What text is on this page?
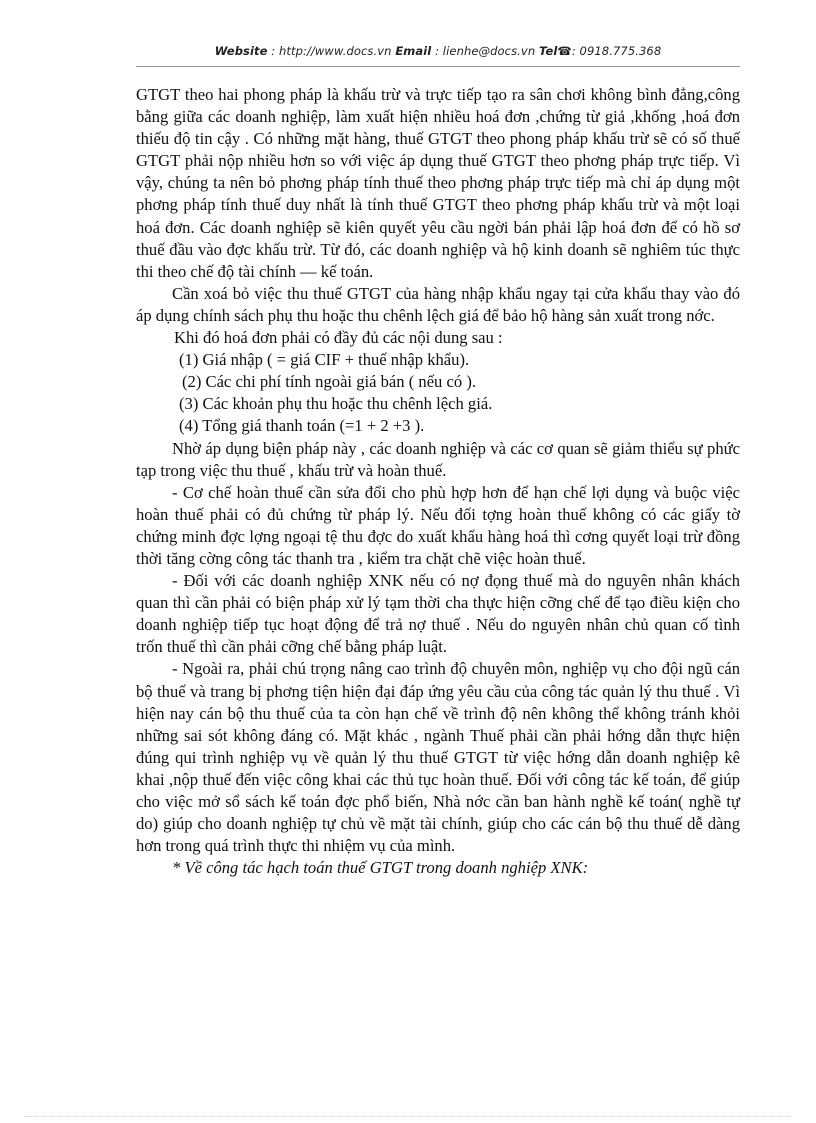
Website : http://www.docs.vn Email : lienhe@docs.vn Tel☎: 0918.775.368

GTGT theo hai phong pháp là khấu trừ và trực tiếp tạo ra sân chơi không bình đẳng,công bằng giữa các doanh nghiệp, làm xuất hiện nhiều hoá đơn ,chứng từ giả ,khống ,hoá đơn thiếu độ tin cậy . Có những mặt hàng, thuế GTGT theo phong pháp khấu trừ sẽ có số thuế GTGT phải nộp nhiều hơn so với việc áp dụng thuế GTGT theo phơng pháp trực tiếp. Vì vậy, chúng ta nên bỏ phơng pháp tính thuế theo phơng pháp trực tiếp mà chỉ áp dụng một phơng pháp tính thuế duy nhất là tính thuế GTGT theo phơng pháp khấu trừ và một loại hoá đơn. Các doanh nghiệp sẽ kiên quyết yêu cầu ngời bán phải lập hoá đơn để có hồ sơ thuế đầu vào đợc khấu trừ. Từ đó, các doanh nghiệp và hộ kinh doanh sẽ nghiêm túc thực thi theo chế độ tài chính — kế toán.

Cần xoá bỏ việc thu thuế GTGT của hàng nhập khẩu ngay tại cửa khẩu thay vào đó áp dụng chính sách phụ thu hoặc thu chênh lệch giá để bảo hộ hàng sản xuất trong nớc.

Khi đó hoá đơn phải có đầy đủ các nội dung sau :

(1) Giá nhập ( = giá CIF + thuế nhập khẩu).

(2) Các chi phí tính ngoài giá bán ( nếu có ).

(3) Các khoản phụ thu hoặc thu chênh lệch giá.

(4) Tổng giá thanh toán (=1 + 2 +3 ).

Nhờ áp dụng biện pháp này , các doanh nghiệp và các cơ quan sẽ giảm thiểu sự phức tạp trong việc thu thuế , khấu trừ và hoàn thuế.

- Cơ chế hoàn thuế cần sửa đổi cho phù hợp hơn để hạn chế lợi dụng và buộc việc hoàn thuế phải có đủ chứng từ pháp lý. Nếu đối tợng hoàn thuế không có các giấy tờ chứng minh đợc lợng ngoại tệ thu đợc do xuất khẩu hàng hoá thì cơng quyết loại trừ đồng thời tăng cờng công tác thanh tra , kiểm tra chặt chẽ việc hoàn thuế.

- Đối với các doanh nghiệp XNK nếu có nợ đọng thuế mà do nguyên nhân khách quan thì cần phải có biện pháp xử lý tạm thời cha thực hiện cỡng chế để tạo điều kiện cho doanh nghiệp tiếp tục hoạt động để trả nợ thuế . Nếu do nguyên nhân chủ quan cố tình trốn thuế thì cần phải cỡng chế bằng pháp luật.

- Ngoài ra, phải chú trọng nâng cao trình độ chuyên môn, nghiệp vụ cho đội ngũ cán bộ thuế và trang bị phơng tiện hiện đại đáp ứng yêu cầu của công tác quản lý thu thuế . Vì hiện nay cán bộ thu thuế của ta còn hạn chế về trình độ nên không thể không tránh khỏi những sai sót không đáng có. Mặt khác , ngành Thuế phải cần phải hớng dẫn thực hiện đúng qui trình nghiệp vụ về quản lý thu thuế GTGT từ việc hớng dẫn doanh nghiệp kê khai ,nộp thuế đến việc công khai các thủ tục hoàn thuế. Đối với công tác kế toán, để giúp cho việc mở sổ sách kế toán đợc phổ biến, Nhà nớc cần ban hành nghề kế toán( nghề tự do) giúp cho doanh nghiệp tự chủ về mặt tài chính, giúp cho các cán bộ thu thuế dễ dàng hơn trong quá trình thực thi nhiệm vụ của mình.

* Về công tác hạch toán thuế GTGT trong doanh nghiệp XNK:
